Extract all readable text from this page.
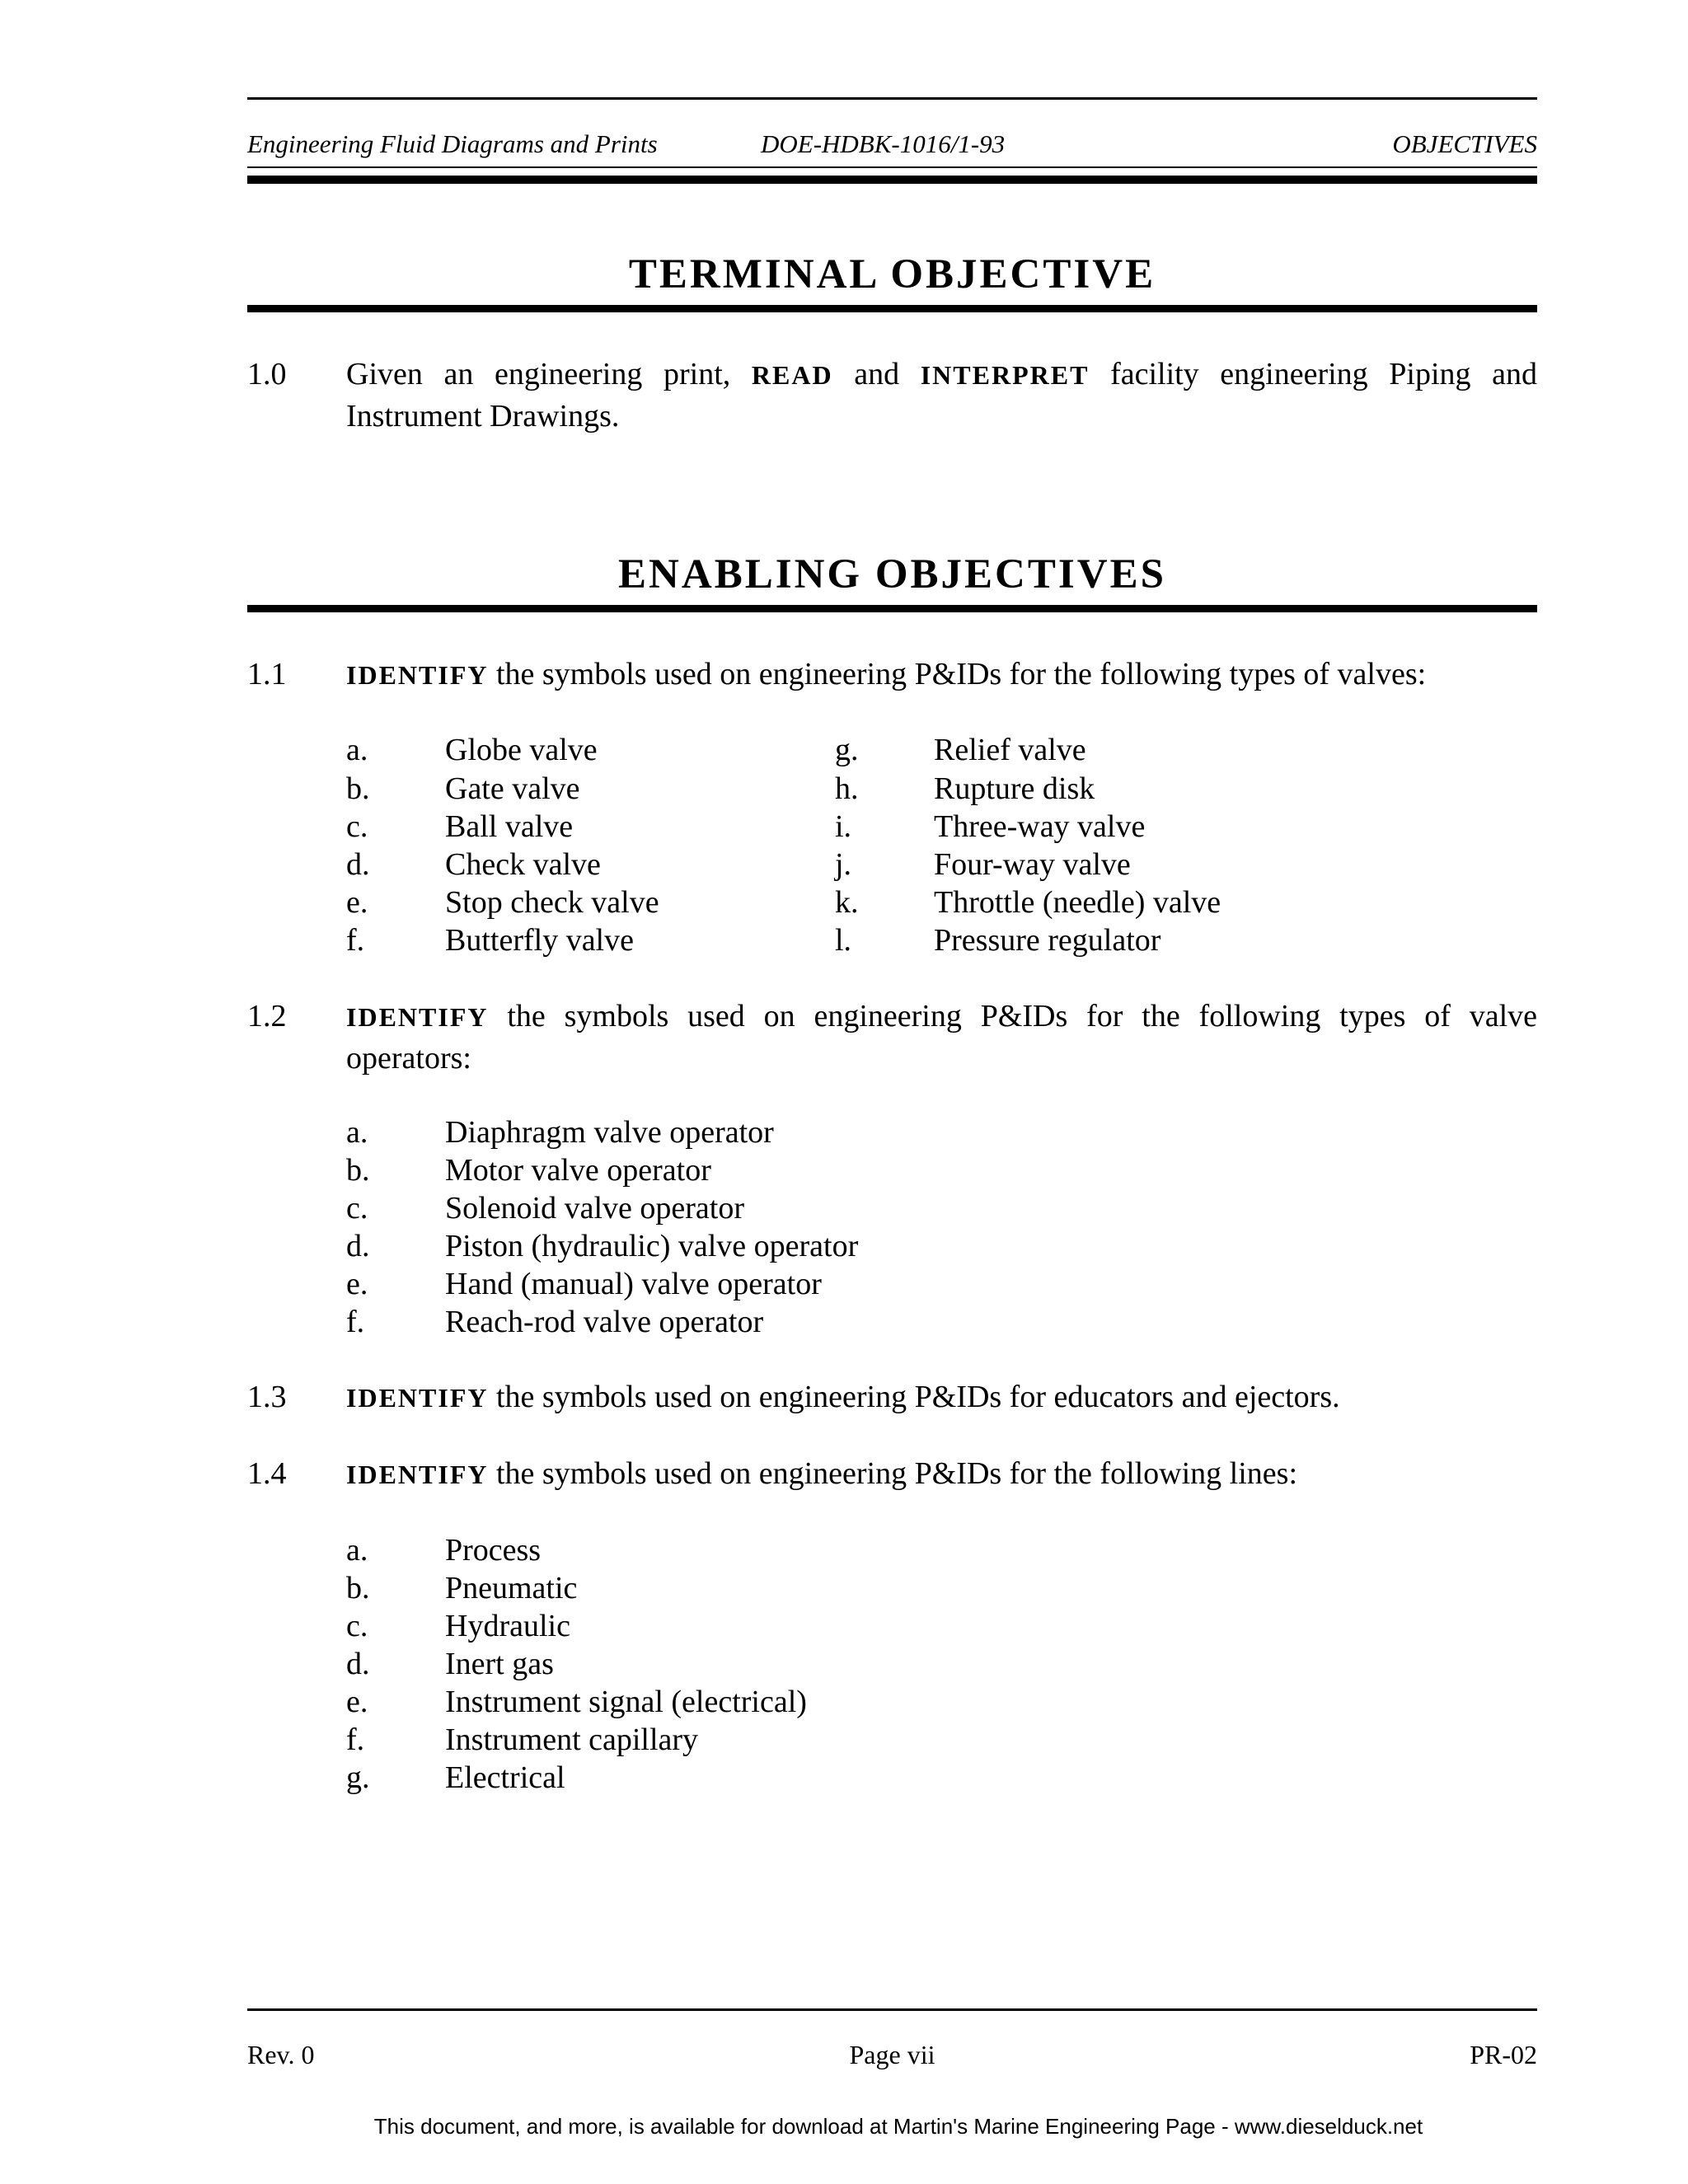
Engineering Fluid Diagrams and Prints	DOE-HDBK-1016/1-93	OBJECTIVES
TERMINAL OBJECTIVE
1.0 Given an engineering print, READ and INTERPRET facility engineering Piping and Instrument Drawings.
ENABLING OBJECTIVES
1.1 IDENTIFY the symbols used on engineering P&IDs for the following types of valves:
a. Globe valve
b. Gate valve
c. Ball valve
d. Check valve
e. Stop check valve
f.	Butterfly valve
g. Relief valve
h. Rupture disk
i.	Three-way valve
j.	Four-way valve
k. Throttle (needle) valve
l.	Pressure regulator
1.2 IDENTIFY the symbols used on engineering P&IDs for the following types of valve operators:
a. Diaphragm valve operator
b. Motor valve operator
c. Solenoid valve operator
d. Piston (hydraulic) valve operator
e. Hand (manual) valve operator
f.	Reach-rod valve operator
1.3 IDENTIFY the symbols used on engineering P&IDs for educators and ejectors.
1.4 IDENTIFY the symbols used on engineering P&IDs for the following lines:
a. Process
b. Pneumatic
c. Hydraulic
d. Inert gas
e. Instrument signal (electrical)
f.	Instrument capillary
g. Electrical
Rev. 0	Page vii	PR-02
This document, and more, is available for download at Martin's Marine Engineering Page - www.dieselduck.net
